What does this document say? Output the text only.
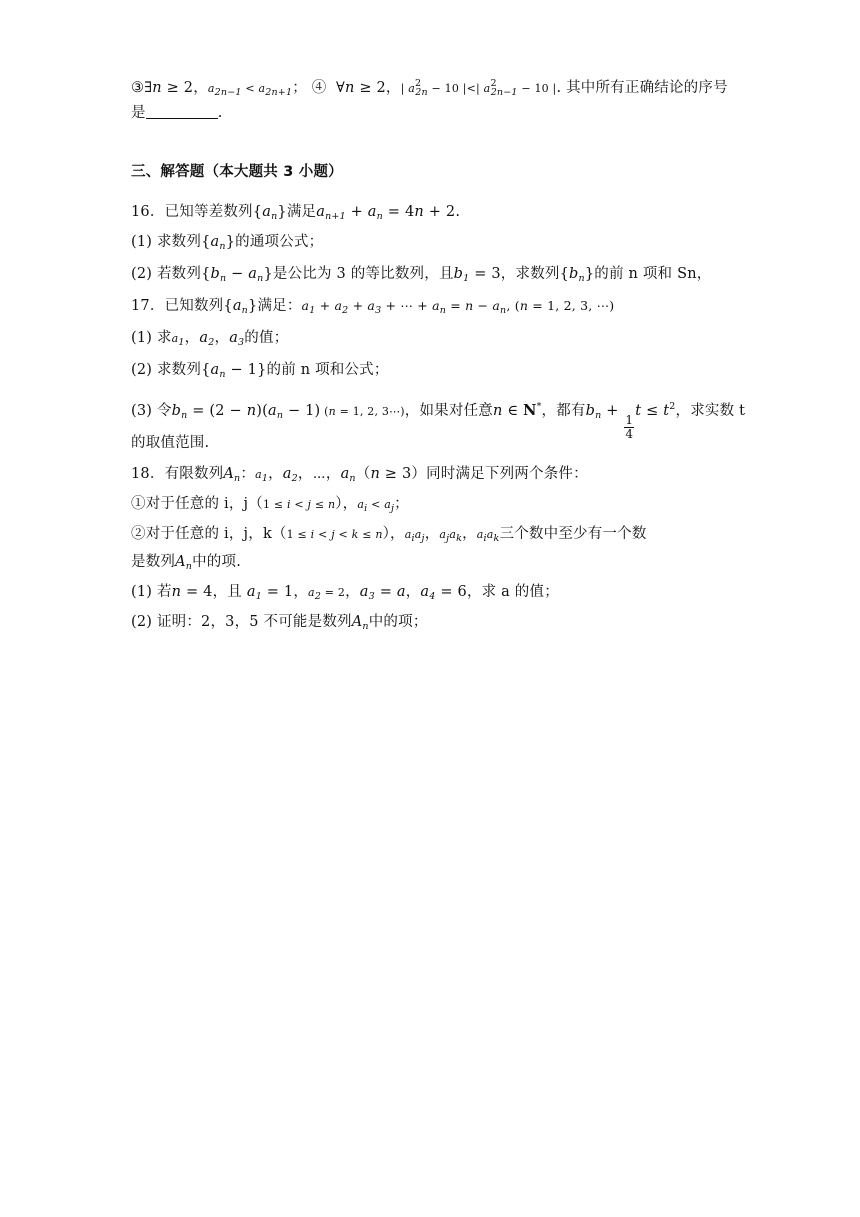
③∃n ≥ 2，a2n−1 < a2n+1； ④ ∀n ≥ 2，| a22n − 10 |<| a22n−1 − 10 |. 其中所有正确结论的序号
是	.
三、解答题（本大题共 3 小题）
16．已知等差数列$\{a_n\}$满足$a_{n+1} + a_n = 4n + 2$.
(1) 求数列$\{a_n\}$的通项公式；
(2) 若数列$\{b_n - a_n\}$是公比为 3 的等比数列，且$b_1 = 3$，求数列$\{b_n\}$的前 n 项和 Sn，
17．已知数列$\{a_n\}$满足：$a_1 + a_2 + a_3$ + ⋯ + $a_n = n - a_n$, (n = 1, 2, 3, ⋯)
(1) 求a1，$a_2$，$a_3$的值；
(2) 求数列$\{a_n - 1\}$的前 n 项和公式；
(3) 令$b_n = (2 - n)(a_n - 1) (n = 1$, 2, 3⋯)，如果对任意n ∈ N*，都有$b_n$ +
$\frac{1}{4}$
$t \le t^2$，求实数 t
的取值范围.
18．有限数列$A_n$：a1，$a_2$，⋯，$a_n(n \ge 3)$同时满足下列两个条件：
①对于任意的 i，j（1 ≤ i < j ≤ n），ai < aj；
②对于任意的 i，j，k（1 ≤ i < j < k ≤ n），aiaj，ajak，aiak三个数中至少有一个数
是数列$A_n$中的项.
(1) 若n = 4，且 $a_1 = 1$，a2 = 2，$a_3 = a$，$a_4 = 6$，求 a 的值；
(2) 证明：2，3，5 不可能是数列$A_n$中的项；
